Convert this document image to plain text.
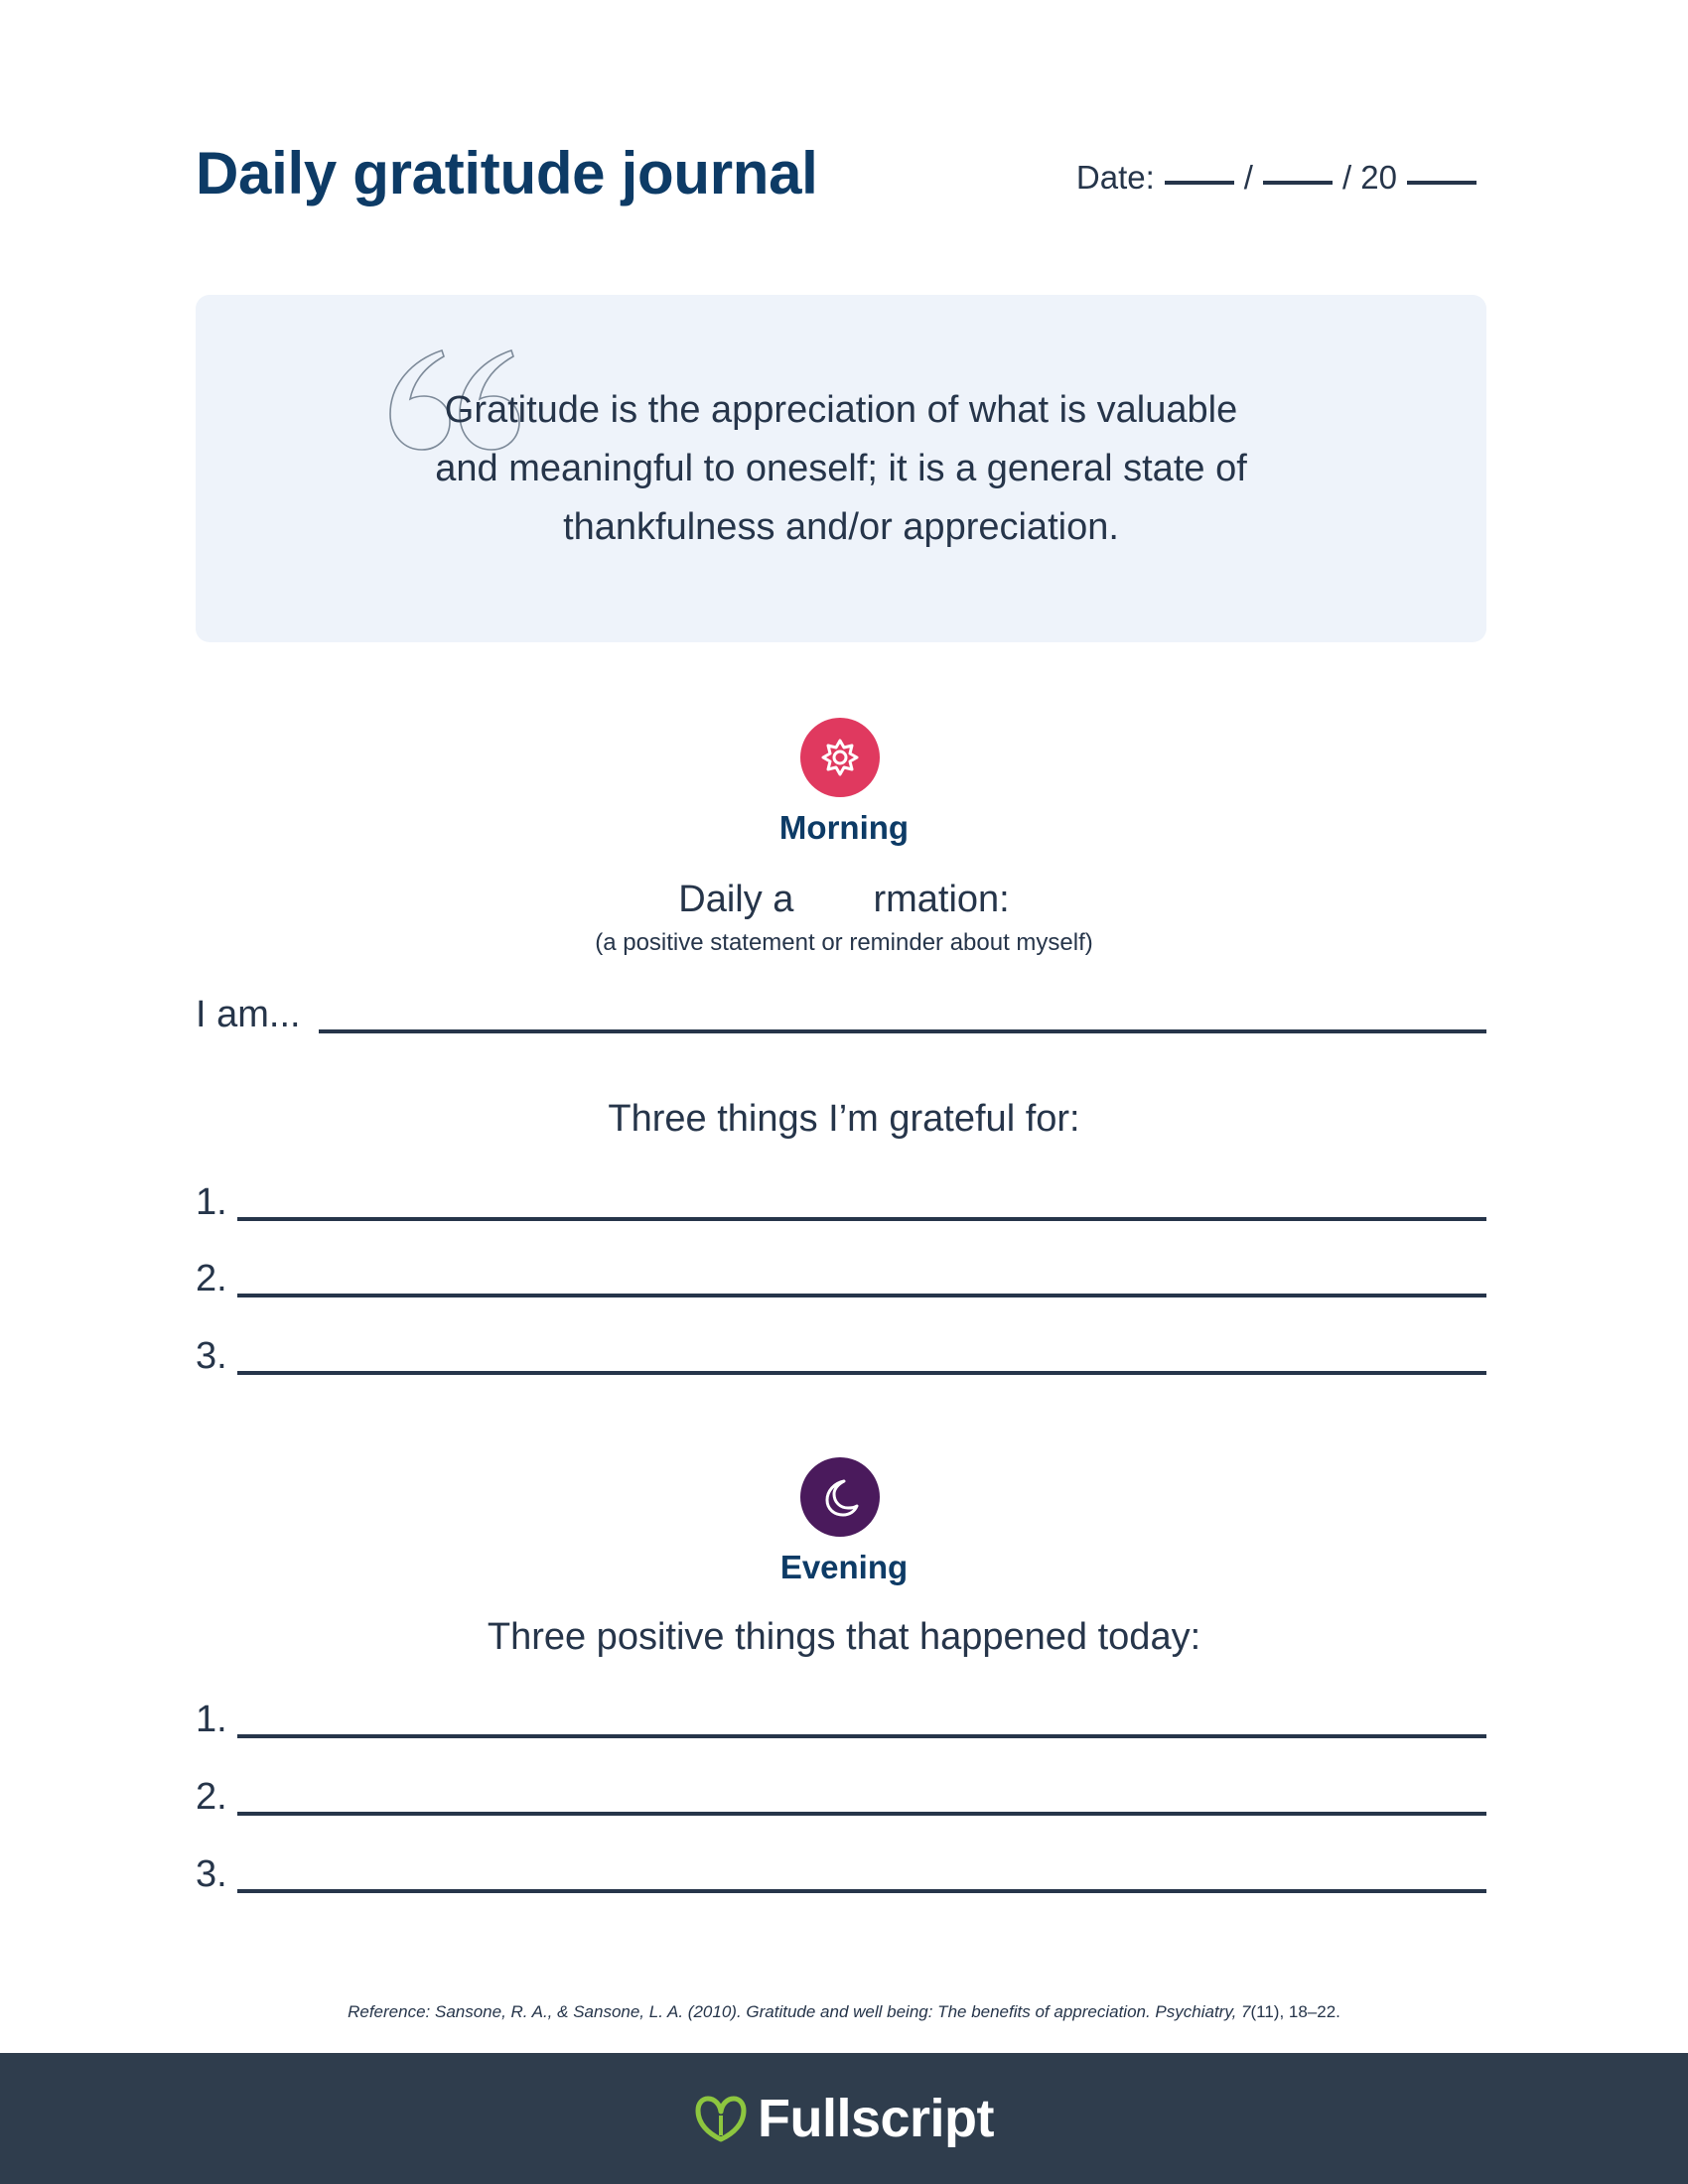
Daily gratitude journal	Date:	/	/ 20

Gratitude is the appreciation of what is valuable
and meaningful to oneself; it is a general state of
thankfulness and/or appreciation.

Morning
Daily a rmation:
(a positive statement or reminder about myself)
I am...
Three things I’m grateful for:
1.
2.
3.
Evening
Three positive things that happened today:
1.
2.
3.
Reference: Sansone, R. A., & Sansone, L. A. (2010). Gratitude and well being: The benefits of appreciation. Psychiatry, 7(11), 18–22.
Fullscript
